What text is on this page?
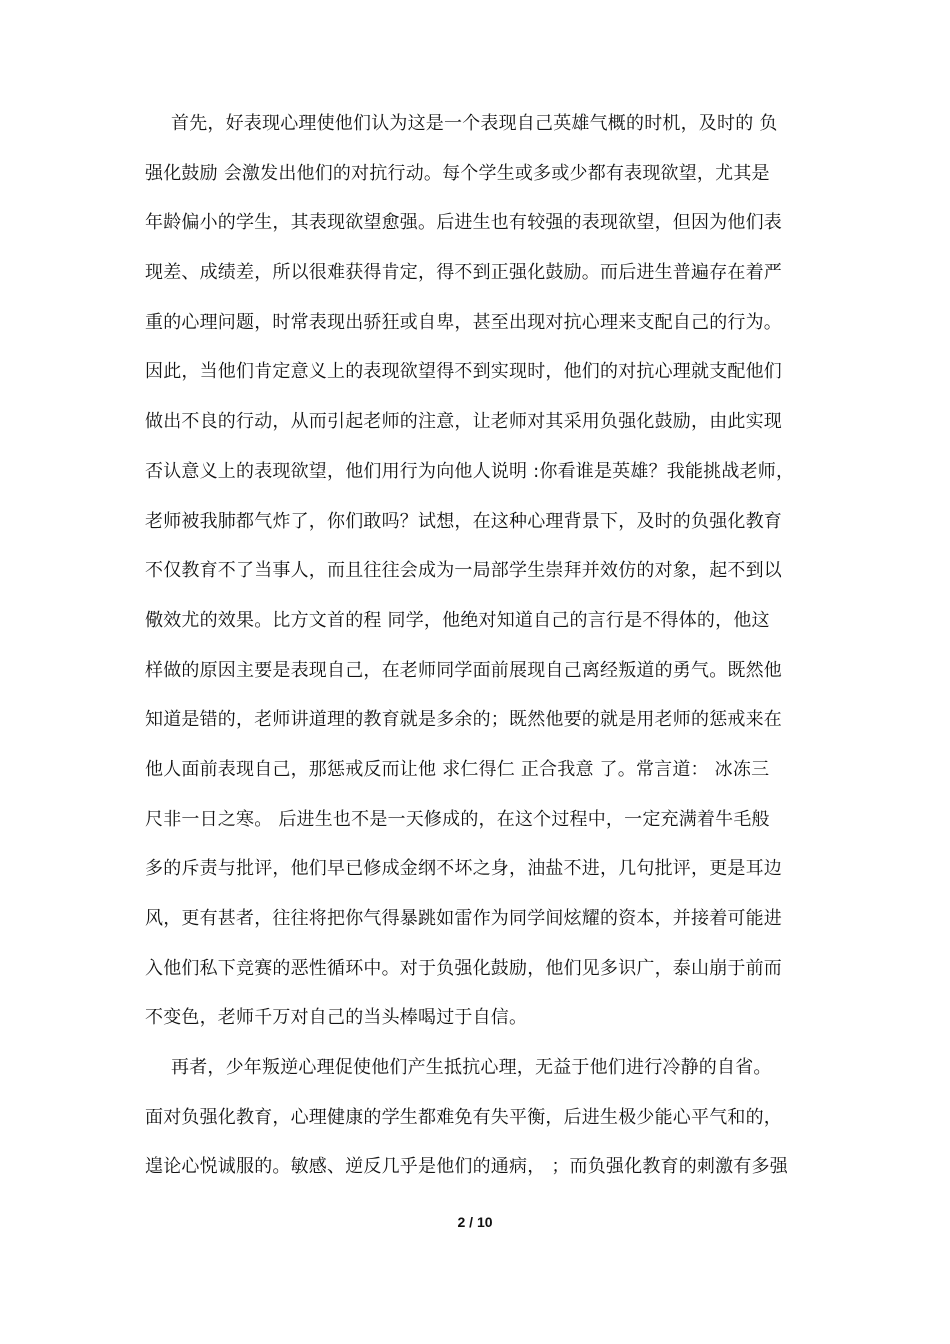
首先，好表现心理使他们认为这是一个表现自己英雄气概的时机，及时的 负
强化鼓励 会激发出他们的对抗行动。每个学生或多或少都有表现欲望，尤其是
年龄偏小的学生，其表现欲望愈强。后进生也有较强的表现欲望，但因为他们表
现差、成绩差，所以很难获得肯定，得不到正强化鼓励。而后进生普遍存在着严
重的心理问题，时常表现出骄狂或自卑，甚至出现对抗心理来支配自己的行为。
因此，当他们肯定意义上的表现欲望得不到实现时，他们的对抗心理就支配他们
做出不良的行动，从而引起老师的注意，让老师对其采用负强化鼓励，由此实现
否认意义上的表现欲望，他们用行为向他人说明 :你看谁是英雄？我能挑战老师，
老师被我肺都气炸了，你们敢吗？试想，在这种心理背景下，及时的负强化教育
不仅教育不了当事人，而且往往会成为一局部学生崇拜并效仿的对象，起不到以
儆效尤的效果。比方文首的程 同学，他绝对知道自己的言行是不得体的，他这
样做的原因主要是表现自己，在老师同学面前展现自己离经叛道的勇气。既然他
知道是错的，老师讲道理的教育就是多余的；既然他要的就是用老师的惩戒来在
他人面前表现自己，那惩戒反而让他 求仁得仁 正合我意 了。常言道： 冰冻三
尺非一日之寒。 后进生也不是一天修成的，在这个过程中，一定充满着牛毛般
多的斥责与批评，他们早已修成金纲不坏之身，油盐不进，几句批评，更是耳边
风，更有甚者，往往将把你气得暴跳如雷作为同学间炫耀的资本，并接着可能进
入他们私下竞赛的恶性循环中。对于负强化鼓励，他们见多识广，泰山崩于前而
不变色，老师千万对自己的当头棒喝过于自信。
再者，少年叛逆心理促使他们产生抵抗心理，无益于他们进行冷静的自省。
面对负强化教育，心理健康的学生都难免有失平衡，后进生极少能心平气和的，
遑论心悦诚服的。敏感、逆反几乎是他们的通病， ；而负强化教育的刺激有多强
2 / 10
